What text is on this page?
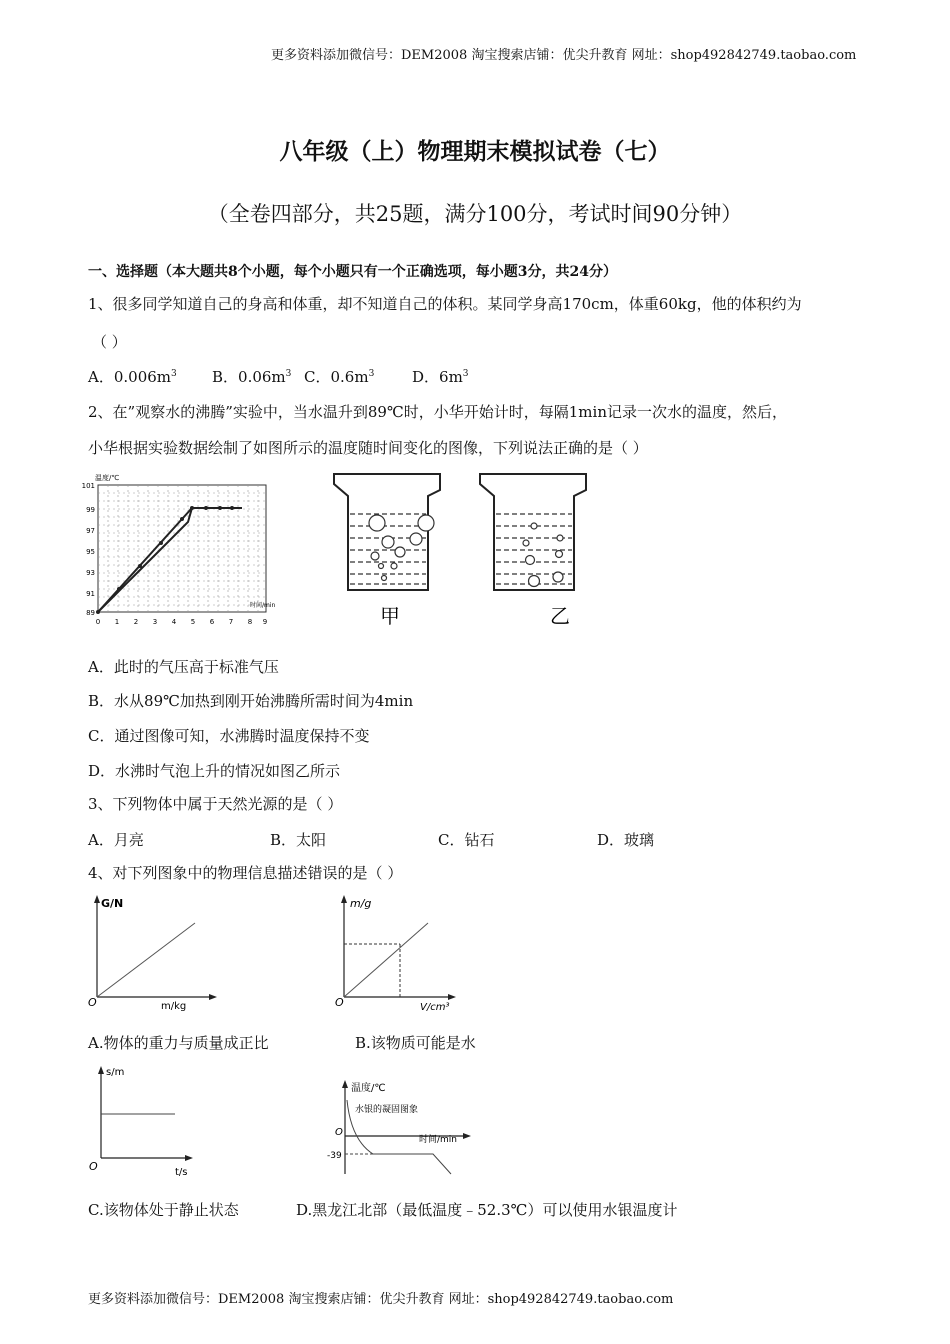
更多资料添加微信号：DEM2008 淘宝搜索店铺：优尖升教育 网址：shop492842749.taobao.com
八年级（上）物理期末模拟试卷（七）
（全卷四部分，共25题，满分100分，考试时间90分钟）
一、选择题（本大题共8个小题，每个小题只有一个正确选项，每小题3分，共24分）
1、很多同学知道自己的身高和体重，却不知道自己的体积。某同学身高170cm，体重60kg，他的体积约为
（ ）
A．$0.006m^3$ B．$0.06m^3$ C．$0.6m^3$	D．$6m^3$
2、在”观察水的沸腾”实验中，当水温升到89℃时，小华开始计时，每隔1min记录一次水的温度，然后，
小华根据实验数据绘制了如图所示的温度随时间变化的图像，下列说法正确的是（ ）
温度/℃
101
99
97
95
93
91
89
0 1 2 3 4 5 6 7 8 9
时间/min	甲	乙
A．此时的气压高于标准气压
B．水从89℃加热到刚开始沸腾所需时间为4min
C．通过图像可知，水沸腾时温度保持不变
D．水沸时气泡上升的情况如图乙所示
3、下列物体中属于天然光源的是（ ）
A．月亮	B．太阳	C．钻石	D．玻璃
4、对下列图象中的物理信息描述错误的是（ ）
G/N
O	m/kg
m/g
O	V/cm³
A.物体的重力与质量成正比	B.该物质可能是水
s/m
O	t/s
温度/℃
水银的凝固图象
O
时间/min
-39
C.该物体处于静止状态	D.黑龙江北部（最低温度﹣52.3℃）可以使用水银温度计
更多资料添加微信号：DEM2008 淘宝搜索店铺：优尖升教育 网址：shop492842749.taobao.com
